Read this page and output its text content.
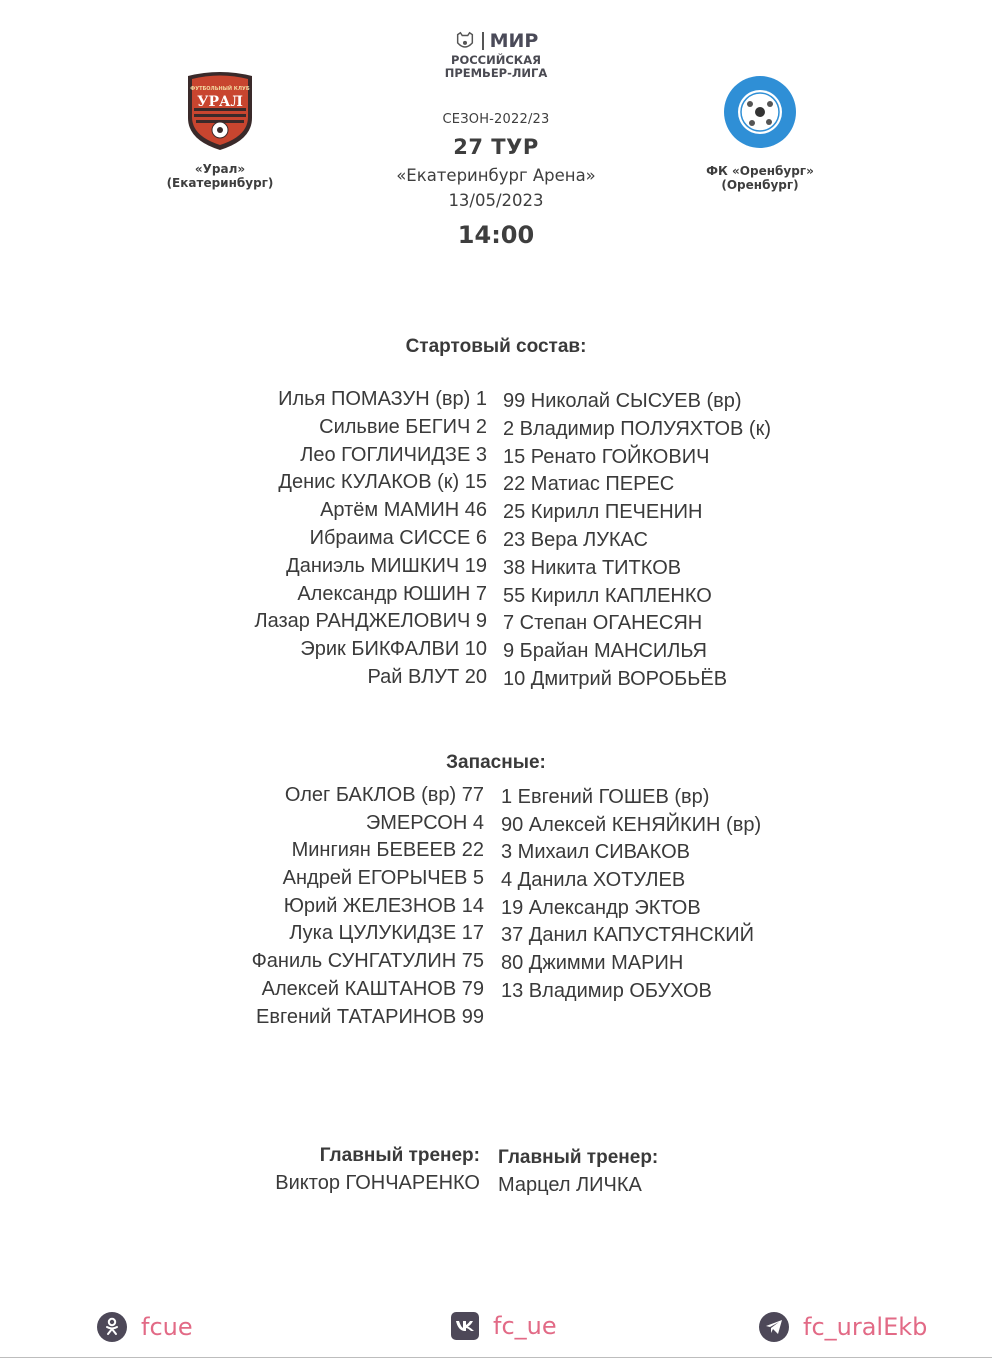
МИР
РОССИЙСКАЯ
ПРЕМЬЕР-ЛИГА
СЕЗОН-2022/23
27 ТУР
«Екатеринбург Арена»
13/05/2023
14:00
ФУТБОЛЬНЫЙ КЛУБ
УРАЛ
«Урал»
(Екатеринбург)
ФК «Оренбург»
(Оренбург)
Стартовый состав:
Илья ПОМАЗУН (вр) 1
Сильвие БЕГИЧ 2
Лео ГОГЛИЧИДЗЕ 3
Денис КУЛАКОВ (к) 15
Артём МАМИН 46
Ибраима СИССЕ 6
Даниэль МИШКИЧ 19
Александр ЮШИН 7
Лазар РАНДЖЕЛОВИЧ 9
Эрик БИКФАЛВИ 10
Рай ВЛУТ 20
99 Николай СЫСУЕВ (вр)
2 Владимир ПОЛУЯХТОВ (к)
15 Ренато ГОЙКОВИЧ
22 Матиас ПЕРЕС
25 Кирилл ПЕЧЕНИН
23 Вера ЛУКАС
38 Никита ТИТКОВ
55 Кирилл КАПЛЕНКО
7 Степан ОГАНЕСЯН
9 Брайан МАНСИЛЬЯ
10 Дмитрий ВОРОБЬЁВ
Запасные:
Олег БАКЛОВ (вр) 77
ЭМЕРСОН 4
Мингиян БЕВЕЕВ 22
Андрей ЕГОРЫЧЕВ 5
Юрий ЖЕЛЕЗНОВ 14
Лука ЦУЛУКИДЗЕ 17
Фаниль СУНГАТУЛИН 75
Алексей КАШТАНОВ 79
Евгений ТАТАРИНОВ 99
1 Евгений ГОШЕВ (вр)
90 Алексей КЕНЯЙКИН (вр)
3 Михаил СИВАКОВ
4 Данила ХОТУЛЕВ
19 Александр ЭКТОВ
37 Данил КАПУСТЯНСКИЙ
80 Джимми МАРИН
13 Владимир ОБУХОВ
Главный тренер:
Виктор ГОНЧАРЕНКО
Главный тренер:
Марцел ЛИЧКА
fcue	fc_ue	fc_uralEkb
